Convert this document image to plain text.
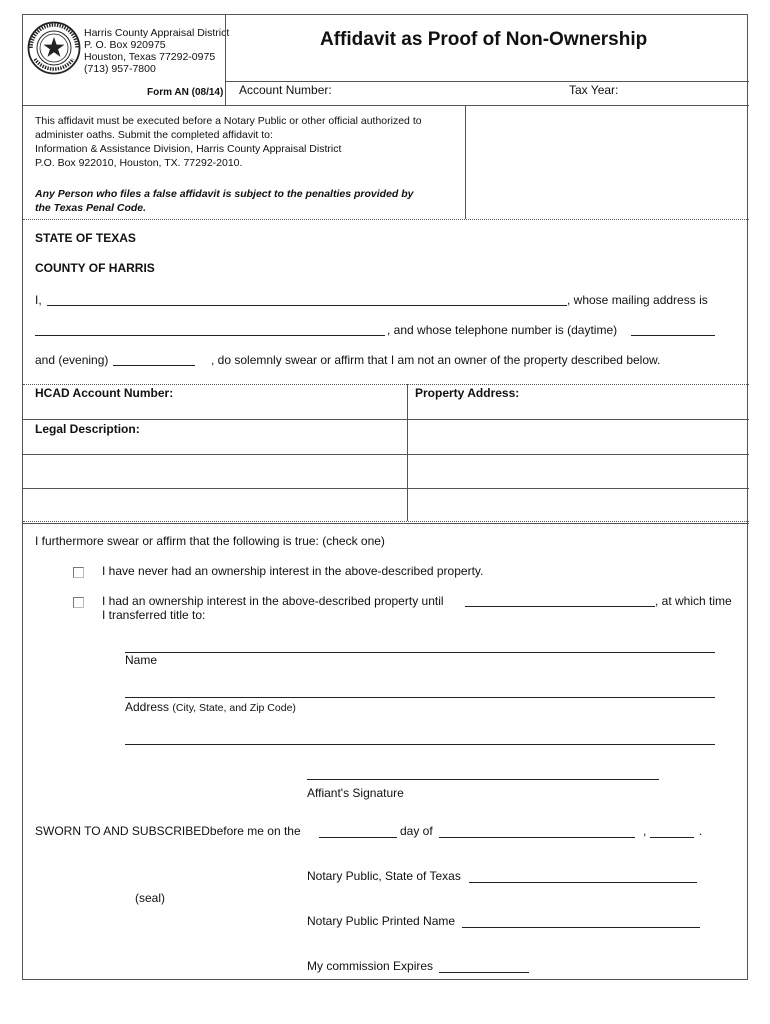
Harris County Appraisal District
P. O. Box 920975
Houston, Texas 77292-0975
(713) 957-7800
Form AN (08/14)
Affidavit as Proof of Non-Ownership
Account Number:	Tax Year:
This affidavit must be executed before a Notary Public or other official authorized to
administer oaths. Submit the completed affidavit to:
Information & Assistance Division, Harris County Appraisal District
P.O. Box 922010, Houston, TX. 77292-2010.
Any Person who files a false affidavit is subject to the penalties provided by
the Texas Penal Code.
STATE OF TEXAS
COUNTY OF HARRIS
I,	, whose mailing address is
, and whose telephone number is (daytime)
and (evening)	, do solemnly swear or affirm that I am not an owner of the property described below.
HCAD Account Number:	Property Address:
Legal Description:
I furthermore swear or affirm that the following is true: (check one)
I have never had an ownership interest in the above-described property.
I had an ownership interest in the above-described property until	, at which time
I transferred title to:
Name
Address (City, State, and Zip Code)
Affiant's Signature
SWORN TO AND SUBSCRIBEDbefore me on the	day of	,	.
Notary Public, State of Texas
(seal)
Notary Public Printed Name
My commission Expires
